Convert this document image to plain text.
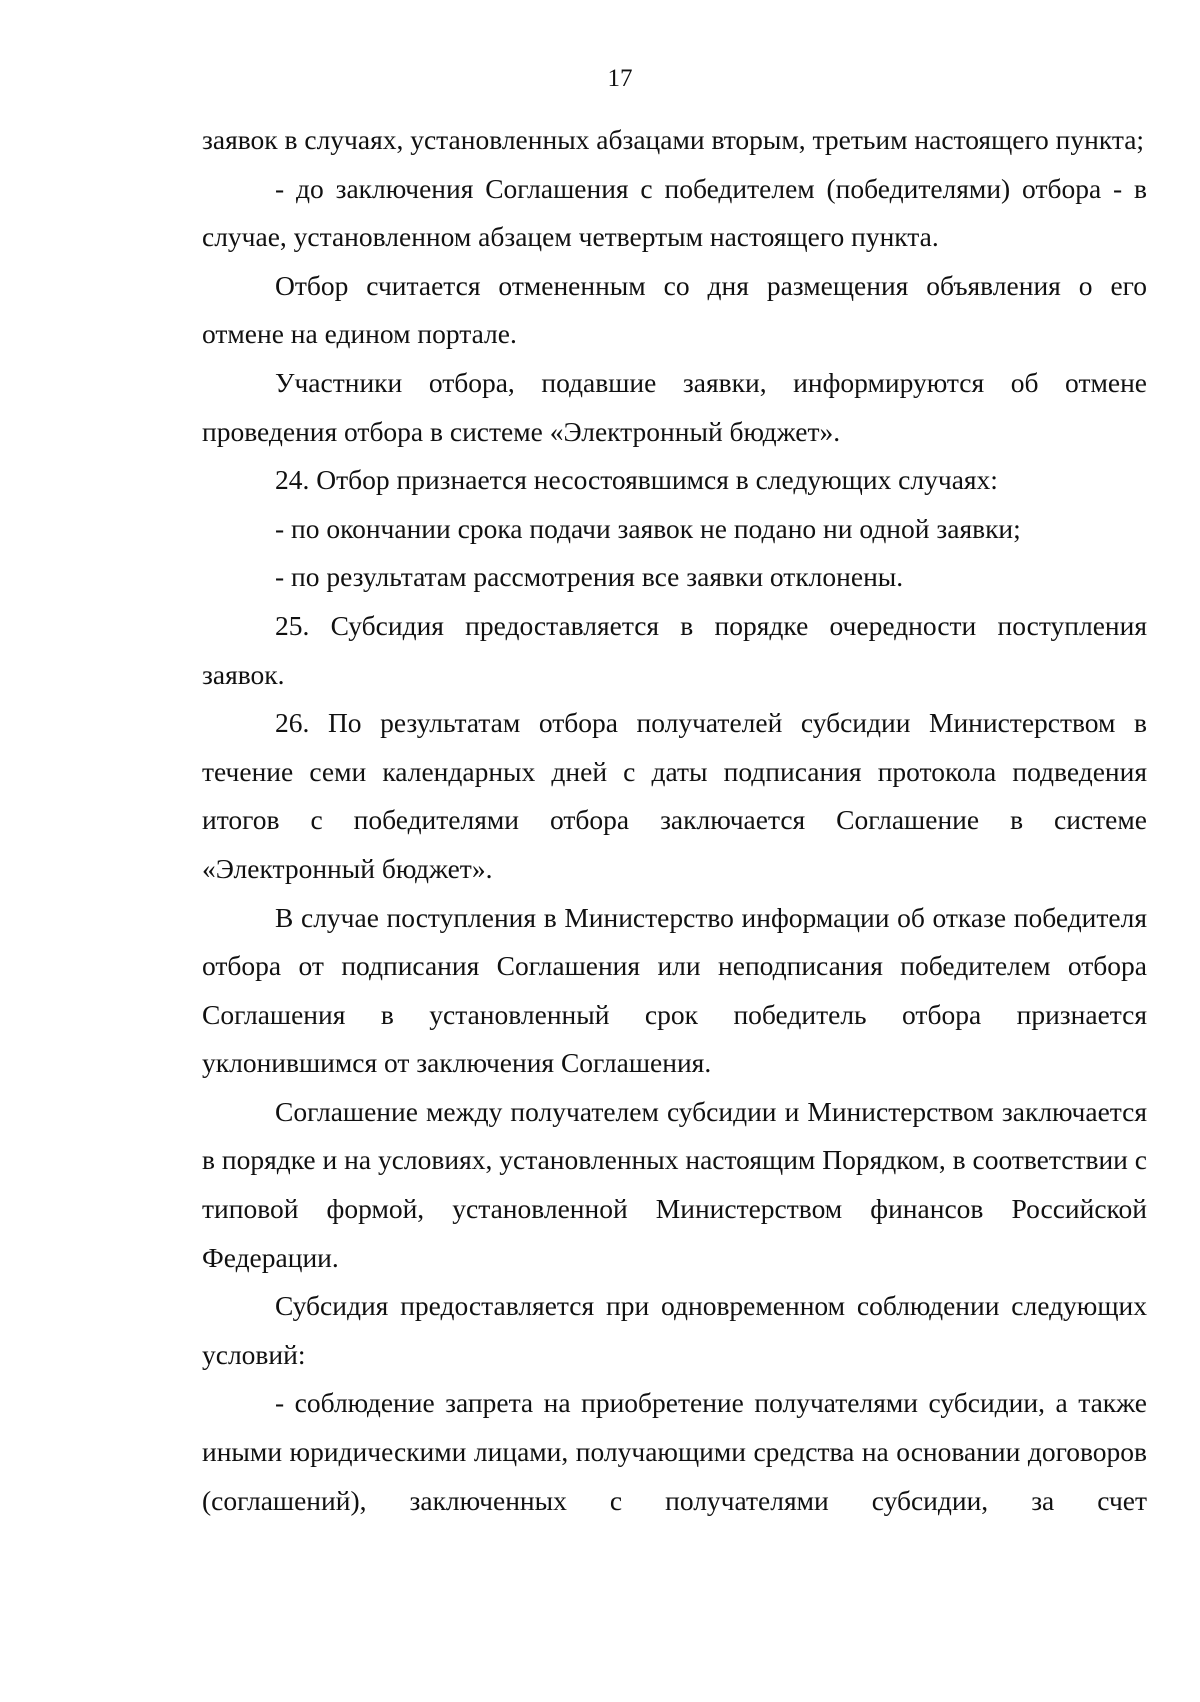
17

заявок в случаях, установленных абзацами вторым, третьим настоящего пункта;

- до заключения Соглашения с победителем (победителями) отбора - в случае, установленном абзацем четвертым настоящего пункта.

Отбор считается отмененным со дня размещения объявления о его отмене на едином портале.

Участники отбора, подавшие заявки, информируются об отмене проведения отбора в системе «Электронный бюджет».

24. Отбор признается несостоявшимся в следующих случаях:

- по окончании срока подачи заявок не подано ни одной заявки;

- по результатам рассмотрения все заявки отклонены.

25. Субсидия предоставляется в порядке очередности поступления заявок.

26. По результатам отбора получателей субсидии Министерством в течение семи календарных дней с даты подписания протокола подведения итогов с победителями отбора заключается Соглашение в системе «Электронный бюджет».

В случае поступления в Министерство информации об отказе победителя отбора от подписания Соглашения или неподписания победителем отбора Соглашения в установленный срок победитель отбора признается уклонившимся от заключения Соглашения.

Соглашение между получателем субсидии и Министерством заключается в порядке и на условиях, установленных настоящим Порядком, в соответствии с типовой формой, установленной Министерством финансов Российской Федерации.

Субсидия предоставляется при одновременном соблюдении следующих условий:

- соблюдение запрета на приобретение получателями субсидии, а также иными юридическими лицами, получающими средства на основании договоров (соглашений), заключенных с получателями субсидии, за счет
